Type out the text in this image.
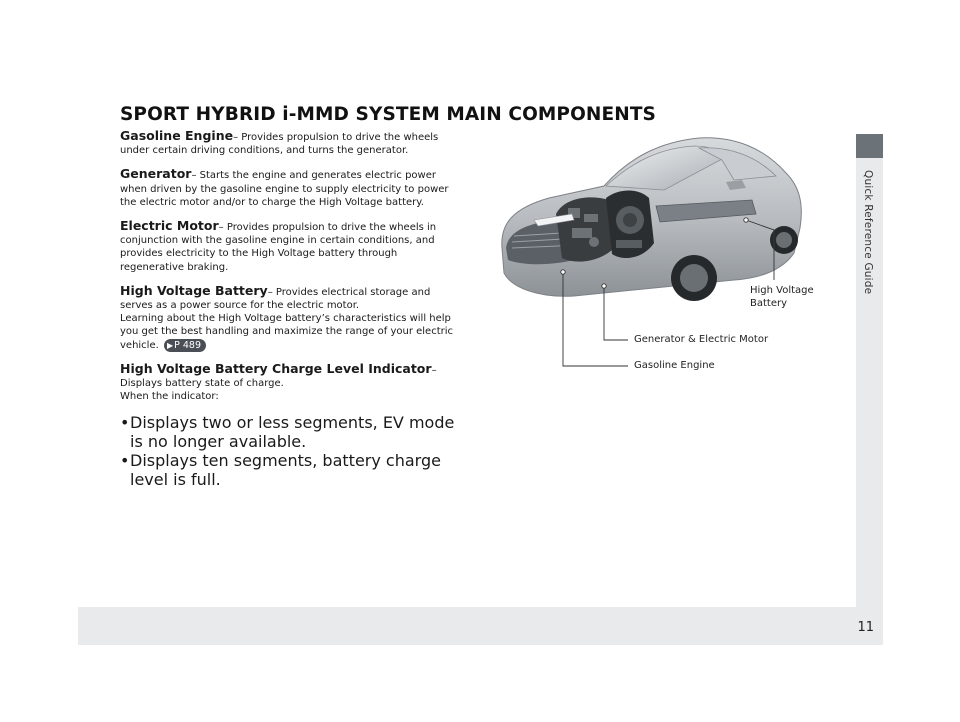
11
Quick Reference Guide
SPORT HYBRID i-MMD SYSTEM MAIN COMPONENTS

Gasoline Engine– Provides propulsion to drive the wheels under certain driving conditions, and turns the generator.

Generator– Starts the engine and generates electric power when driven by the gasoline engine to supply electricity to power the electric motor and/or to charge the High Voltage battery.

Electric Motor– Provides propulsion to drive the wheels in conjunction with the gasoline engine in certain conditions, and provides electricity to the High Voltage battery through regenerative braking.

High Voltage Battery– Provides electrical storage and serves as a power source for the electric motor.
Learning about the High Voltage battery’s characteristics will help you get the best handling and maximize the range of your electric vehicle. ▶P 489

High Voltage Battery Charge Level Indicator– Displays battery state of charge.
When the indicator:

• Displays two or less segments, EV mode is no longer available.
• Displays ten segments, battery charge level is full.

High Voltage
Battery
Generator & Electric Motor
Gasoline Engine
